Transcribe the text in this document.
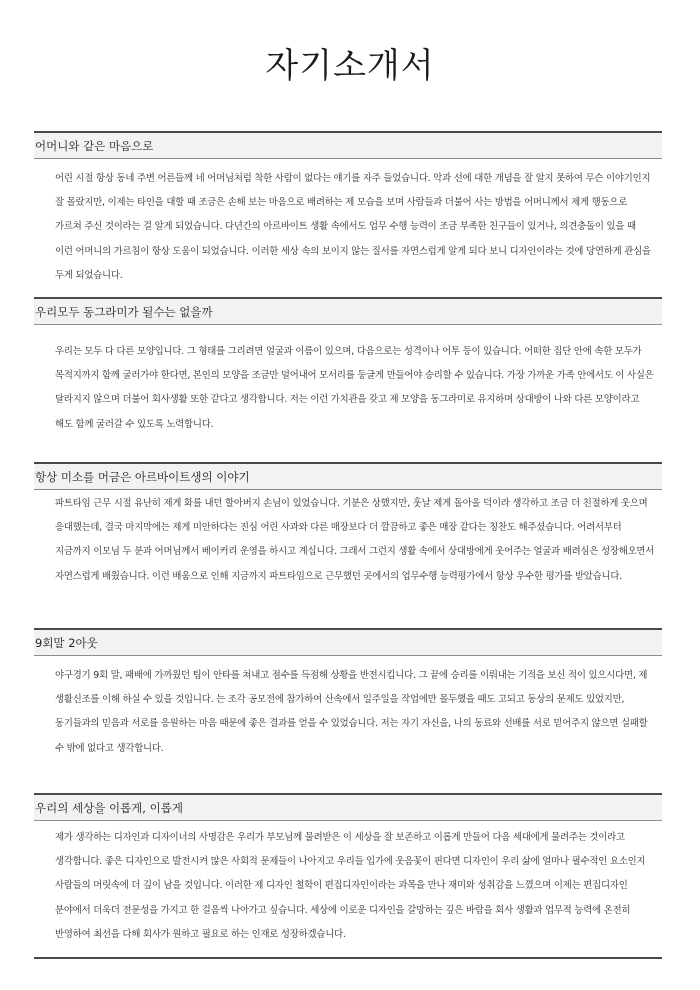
자기소개서
어머니와 같은 마음으로

어린 시절 항상 동네 주변 어른들께 네 어머님처럼 착한 사람이 없다는 얘기를 자주 들었습니다. 악과 선에 대한 개념을 잘 알지 못하여 무슨 이야기인지 잘 몰랐지만, 이제는 타인을 대할 때 조금은 손해 보는 마음으로 배려하는 제 모습을 보며 사람들과 더불어 사는 방법을 어머니께서 제게 행동으로 가르쳐 주신 것이라는 걸 알게 되었습니다. 다년간의 아르바이트 생활 속에서도 업무 수행 능력이 조금 부족한 친구들이 있거나, 의견충돌이 있을 때 이런 어머니의 가르침이 항상 도움이 되었습니다. 이러한 세상 속의 보이지 않는 질서를 자연스럽게 알게 되다 보니 디자인이라는 것에 당연하게 관심을 두게 되었습니다.

우리모두 동그라미가 될수는 없을까

우리는 모두 다 다른 모양입니다. 그 형태를 그리려면 얼굴과 이름이 있으며, 다음으로는 성격이나 어투 등이 있습니다. 어떠한 집단 안에 속한 모두가 목적지까지 함께 굴러가야 한다면, 본인의 모양을 조금만 덜어내어 모서리를 둥글게 만들어야 승리할 수 있습니다. 가장 가까운 가족 안에서도 이 사실은 달라지지 않으며 더불어 회사생활 또한 같다고 생각합니다. 저는 이런 가치관을 갖고 제 모양을 동그라미로 유지하며 상대방이 나와 다른 모양이라고 해도 함께 굴러갈 수 있도록 노력합니다.

항상 미소를 머금은 아르바이트생의 이야기

파트타임 근무 시절 유난히 제게 화를 내던 할아버지 손님이 있었습니다. 기분은 상했지만, 훗날 제게 돌아올 덕이라 생각하고 조금 더 친절하게 웃으며 응대했는데, 결국 마지막에는 제게 미안하다는 진심 어린 사과와 다른 매장보다 더 깔끔하고 좋은 매장 같다는 칭찬도 해주셨습니다. 어려서부터 지금까지 이모님 두 분과 어머님께서 베이커리 운영을 하시고 계십니다. 그래서 그런지 생활 속에서 상대방에게 웃어주는 얼굴과 배려심은 성장해오면서 자연스럽게 배웠습니다. 이런 배움으로 인해 지금까지 파트타임으로 근무했던 곳에서의 업무수행 능력평가에서 항상 우수한 평가를 받았습니다.

9회말 2아웃

야구경기 9회 말, 패배에 가까웠던 팀이 안타를 쳐내고 점수를 득점해 상황을 반전시킵니다. 그 끝에 승리를 이뤄내는 기적을 보신 적이 있으시다면, 제 생활신조를 이해 하실 수 있을 것입니다. 는 조각 공모전에 참가하여 산속에서 일주일을 작업에만 몰두했을 때도 고되고 동상의 문제도 있었지만, 동기들과의 믿음과 서로를 응원하는 마음 때문에 좋은 결과를 얻을 수 있었습니다. 저는 자기 자신을, 나의 동료와 선배를 서로 믿어주지 않으면 실패할 수 밖에 없다고 생각합니다.

우리의 세상을 이롭게, 이롭게

제가 생각하는 디자인과 디자이너의 사명감은 우리가 부모님께 물려받은 이 세상을 잘 보존하고 이롭게 만들어 다음 세대에게 물려주는 것이라고 생각합니다. 좋은 디자인으로 발전시켜 많은 사회적 문제들이 나아지고 우리들 입가에 웃음꽃이 핀다면 디자인이 우리 삶에 얼마나 필수적인 요소인지 사람들의 머릿속에 더 깊이 남을 것입니다. 이러한 제 디자인 철학이 편집디자인이라는 과목을 만나 재미와 성취감을 느꼈으며 이제는 편집디자인 분야에서 더욱더 전문성을 가지고 한 걸음씩 나아가고 싶습니다. 세상에 이로운 디자인을 갈망하는 깊은 바람을 회사 생활과 업무적 능력에 온전히 반영하여 최선을 다해 회사가 원하고 필요로 하는 인재로 성장하겠습니다.
